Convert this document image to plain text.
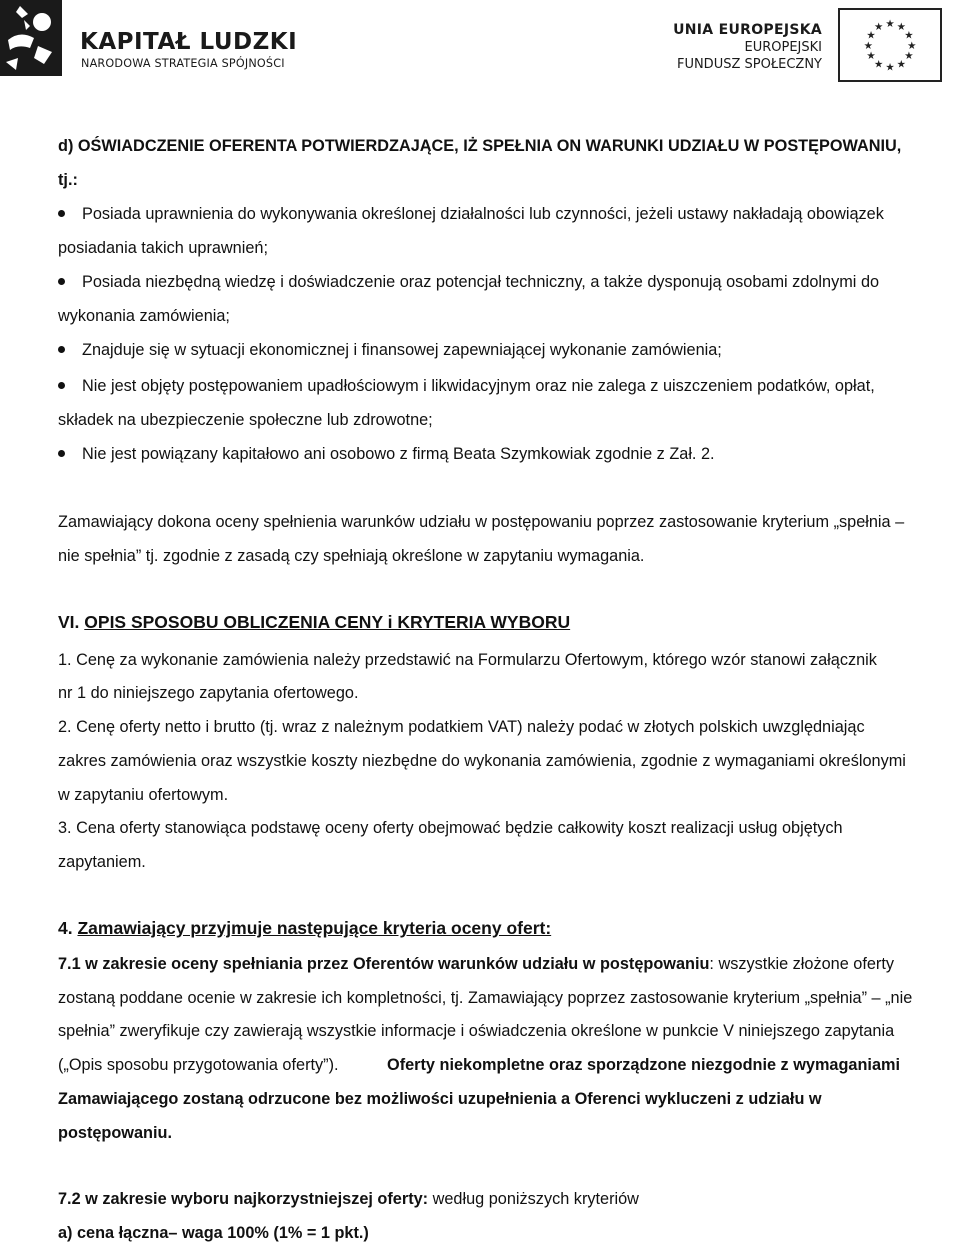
KAPITAŁ LUDZKI
NARODOWA STRATEGIA SPÓJNOŚCI
UNIA EUROPEJSKA
EUROPEJSKI
FUNDUSZ SPOŁECZNY
★ ★
★
★
★
★
★
★
★
★
★
★
d) OŚWIADCZENIE OFERENTA POTWIERDZAJĄCE, IŻ SPEŁNIA ON WARUNKI UDZIAŁU W POSTĘPOWANIU,
tj.:
Posiada uprawnienia do wykonywania określonej działalności lub czynności, jeżeli ustawy nakładają obowiązek
posiadania takich uprawnień;
Posiada niezbędną wiedzę i doświadczenie oraz potencjał techniczny, a także dysponują osobami zdolnymi do
wykonania zamówienia;
Znajduje się w sytuacji ekonomicznej i finansowej zapewniającej wykonanie zamówienia;
Nie jest objęty postępowaniem upadłościowym i likwidacyjnym oraz nie zalega z uiszczeniem podatków, opłat,
składek na ubezpieczenie społeczne lub zdrowotne;
Nie jest powiązany kapitałowo ani osobowo z firmą Beata Szymkowiak zgodnie z Zał. 2.
Zamawiający dokona oceny spełnienia warunków udziału w postępowaniu poprzez zastosowanie kryterium „spełnia –
nie spełnia” tj. zgodnie z zasadą czy spełniają określone w zapytaniu wymagania.
VI. OPIS SPOSOBU OBLICZENIA CENY i KRYTERIA WYBORU
1. Cenę za wykonanie zamówienia należy przedstawić na Formularzu Ofertowym, którego wzór stanowi załącznik
nr 1 do niniejszego zapytania ofertowego.
2. Cenę oferty netto i brutto (tj. wraz z należnym podatkiem VAT) należy podać w złotych polskich uwzględniając
zakres zamówienia oraz wszystkie koszty niezbędne do wykonania zamówienia, zgodnie z wymaganiami określonymi
w zapytaniu ofertowym.
3. Cena oferty stanowiąca podstawę oceny oferty obejmować będzie całkowity koszt realizacji usług objętych
zapytaniem.
4. Zamawiający przyjmuje następujące kryteria oceny ofert:
7.1 w zakresie oceny spełniania przez Oferentów warunków udziału w postępowaniu: wszystkie złożone oferty
zostaną poddane ocenie w zakresie ich kompletności, tj. Zamawiający poprzez zastosowanie kryterium „spełnia” – „nie
spełnia” zweryfikuje czy zawierają wszystkie informacje i oświadczenia określone w punkcie V niniejszego zapytania
(„Opis sposobu przygotowania oferty”).	Oferty niekompletne oraz sporządzone niezgodnie z wymaganiami
Zamawiającego zostaną odrzucone bez możliwości uzupełnienia a Oferenci wykluczeni z udziału w
postępowaniu.
7.2 w zakresie wyboru najkorzystniejszej oferty: według poniższych kryteriów
a) cena łączna– waga 100% (1% = 1 pkt.)
